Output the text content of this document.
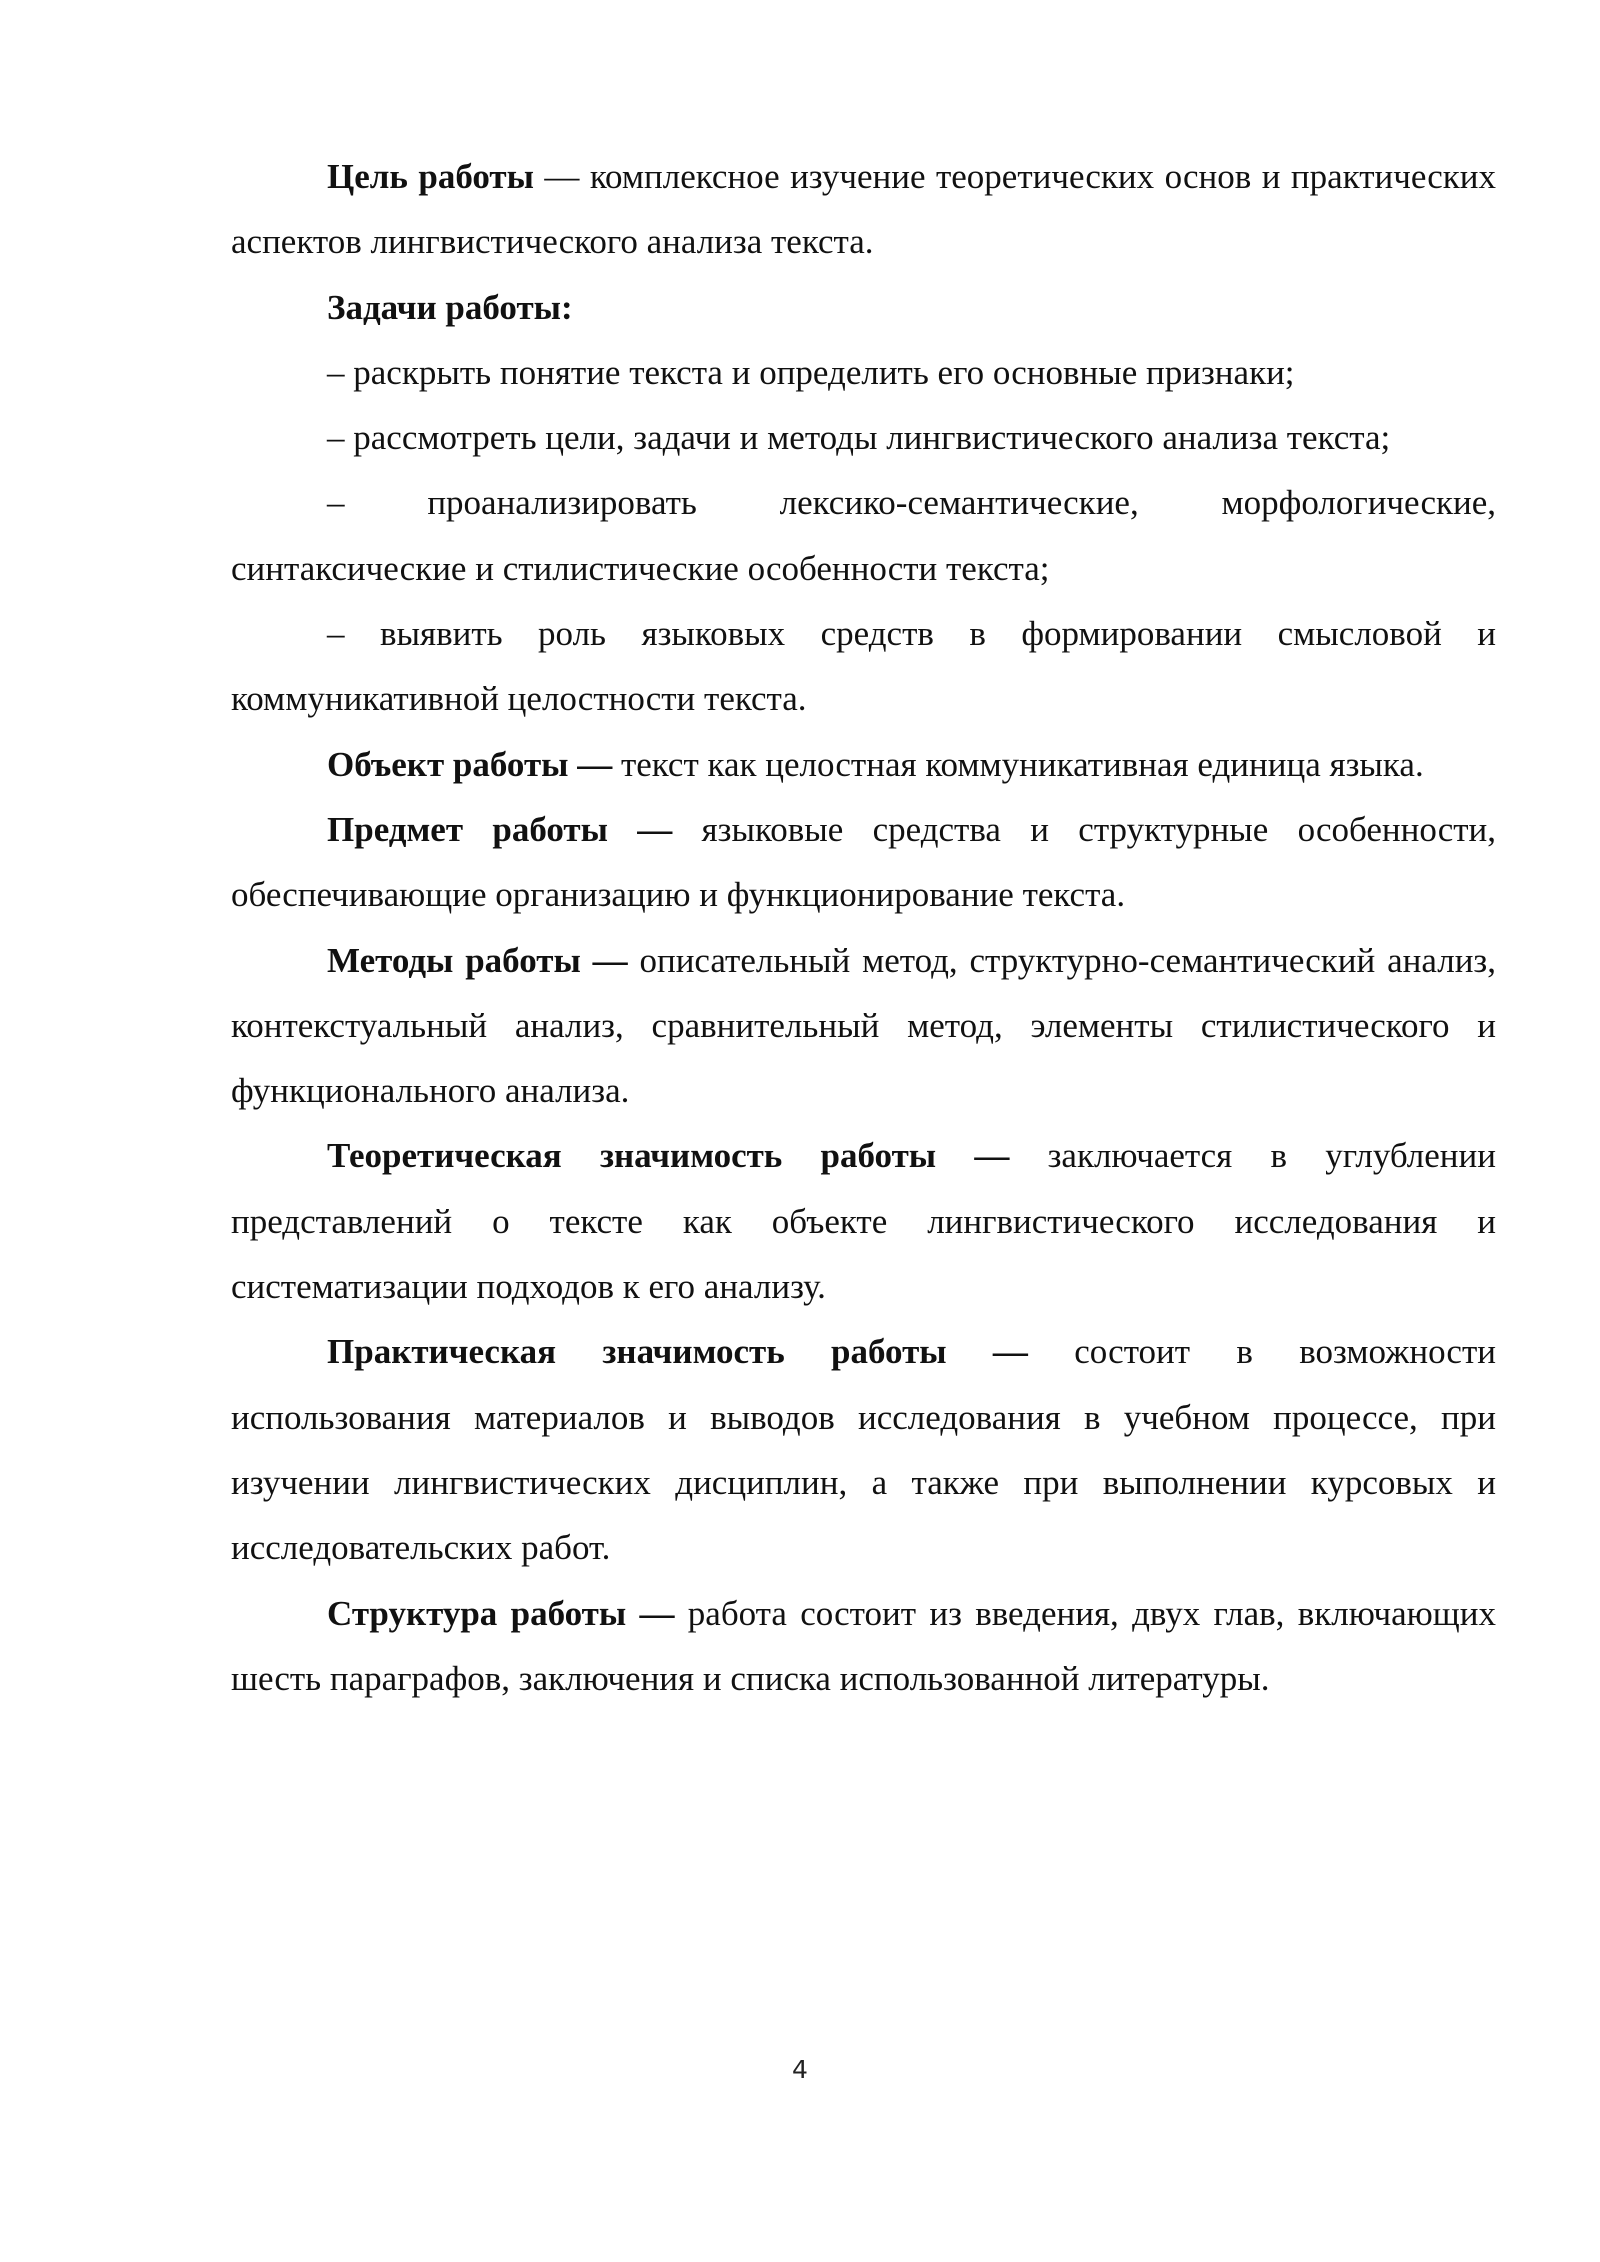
Цель работы — комплексное изучение теоретических основ и практических аспектов лингвистического анализа текста.

Задачи работы:

– раскрыть понятие текста и определить его основные признаки;

– рассмотреть цели, задачи и методы лингвистического анализа текста;

– проанализировать лексико-семантические, морфологические, синтаксические и стилистические особенности текста;

– выявить роль языковых средств в формировании смысловой и коммуникативной целостности текста.

Объект работы — текст как целостная коммуникативная единица языка.

Предмет работы — языковые средства и структурные особенности, обеспечивающие организацию и функционирование текста.

Методы работы — описательный метод, структурно-семантический анализ, контекстуальный анализ, сравнительный метод, элементы стилистического и функционального анализа.

Теоретическая значимость работы — заключается в углублении представлений о тексте как объекте лингвистического исследования и систематизации подходов к его анализу.

Практическая значимость работы — состоит в возможности использования материалов и выводов исследования в учебном процессе, при изучении лингвистических дисциплин, а также при выполнении курсовых и исследовательских работ.

Структура работы — работа состоит из введения, двух глав, включающих шесть параграфов, заключения и списка использованной литературы.

4
